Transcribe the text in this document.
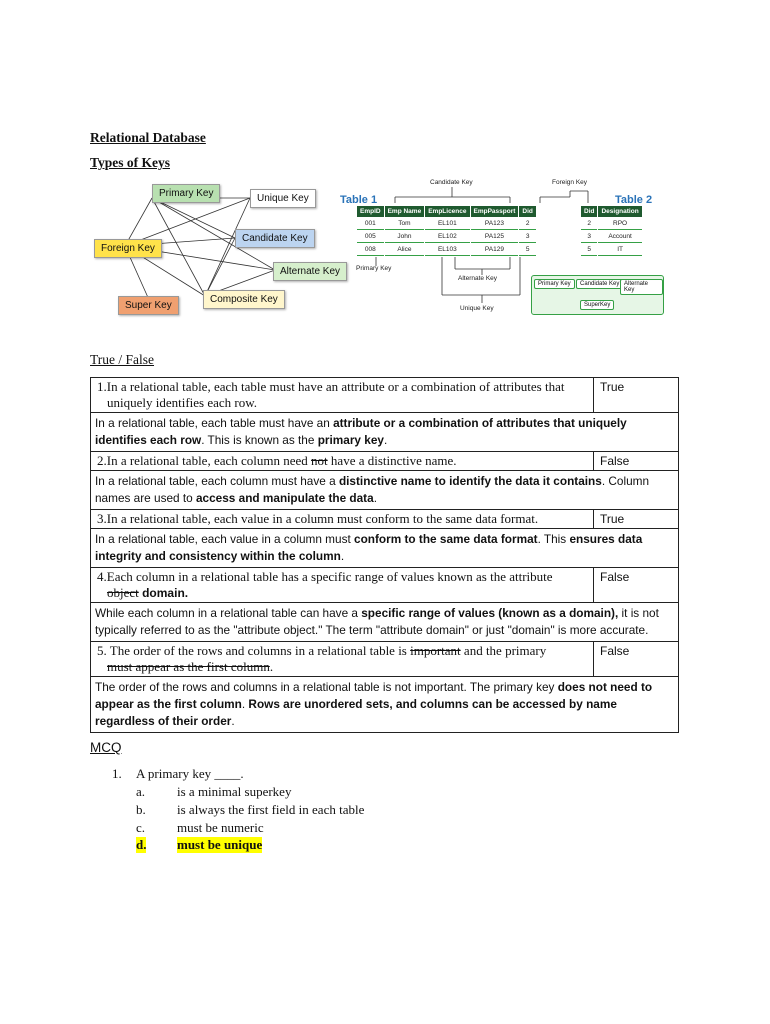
Relational Database
Types of Keys
Primary Key	Unique Key
Foreign Key
Candidate Key
Alternate Key
Super Key
Composite Key
Candidate Key	Foreign Key
Table 1	Table 2
EmpID	Emp Name	EmpLicence	EmpPassport	Did
001	Tom	EL101	PA123	2
005	John	EL102	PA125	3
008	Alice	EL103	PA129	5
Did	Designation
2	RPO
3	Account
5	IT
Primary Key
Alternate Key
Unique Key
Primary Key	Candidate Key Alternate Key
SuperKey
True / False
1.In a relational table, each table must have an attribute or a combination of attributes that
uniquely identifies each row.	True
In a relational table, each table must have an attribute or a combination of attributes that uniquely identifies each row. This is known as the primary key.	
2.In a relational table, each column need not have a distinctive name.	False
In a relational table, each column must have a distinctive name to identify the data it contains. Column names are used to access and manipulate the data.	
3.In a relational table, each value in a column must conform to the same data format.	True
In a relational table, each value in a column must conform to the same data format. This ensures data integrity and consistency within the column.	
4.Each column in a relational table has a specific range of values known as the attribute
object domain.	False
While each column in a relational table can have a specific range of values (known as a domain), it is not typically referred to as the "attribute object." The term "attribute domain" or just "domain" is more accurate.	
5. The order of the rows and columns in a relational table is important and the primary
must appear as the first column.	False
The order of the rows and columns in a relational table is not important. The primary key does not need to appear as the first column. Rows are unordered sets, and columns can be accessed by name regardless of their order.	
MCQ
1. A primary key ____.
a. is a minimal superkey
b. is always the first field in each table
c. must be numeric
d. must be unique
